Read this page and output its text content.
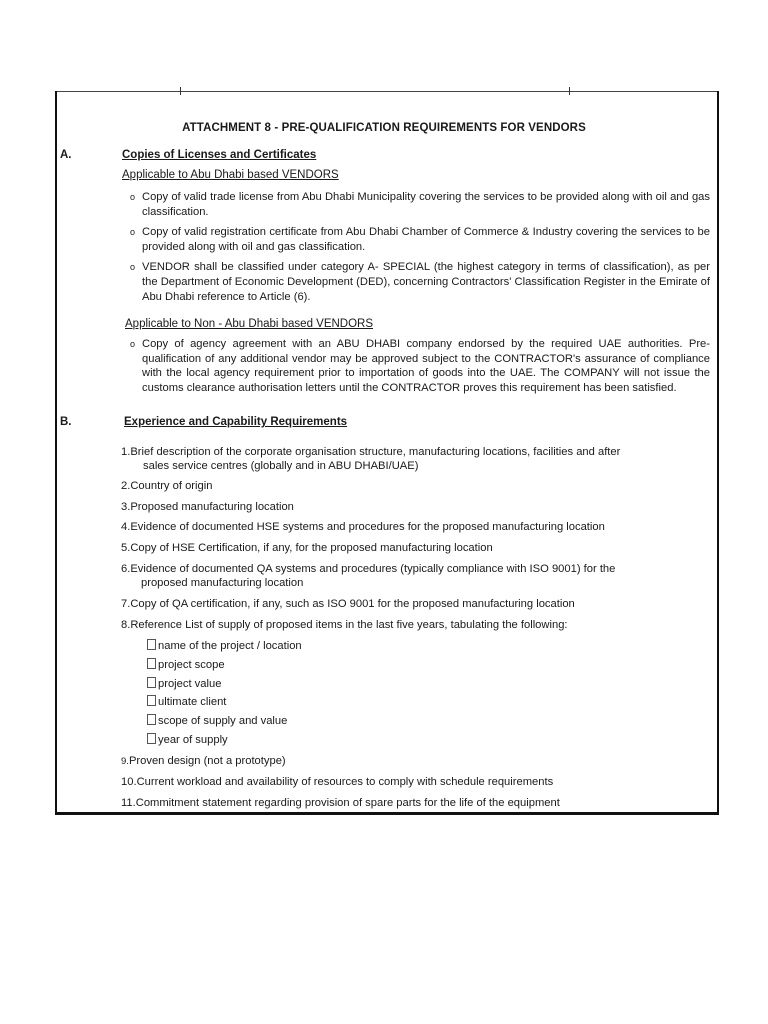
ATTACHMENT 8 - PRE-QUALIFICATION REQUIREMENTS FOR VENDORS
A.	Copies of Licenses and Certificates
Applicable to Abu Dhabi based VENDORS
o Copy of valid trade license from Abu Dhabi Municipality covering the services to be provided along with oil and gas classification.
o Copy of valid registration certificate from Abu Dhabi Chamber of Commerce & Industry covering the services to be provided along with oil and gas classification.
o VENDOR shall be classified under category A- SPECIAL (the highest category in terms of classification), as per the Department of Economic Development (DED), concerning Contractors' Classification Register in the Emirate of Abu Dhabi reference to Article (6).
Applicable to Non - Abu Dhabi based VENDORS
o Copy of agency agreement with an ABU DHABI company endorsed by the required UAE authorities. Pre-qualification of any additional vendor may be approved subject to the CONTRACTOR's assurance of compliance with the local agency requirement prior to importation of goods into the UAE. The COMPANY will not issue the customs clearance authorisation letters until the CONTRACTOR proves this requirement has been satisfied.
B.	Experience and Capability Requirements
1.Brief description of the corporate organisation structure, manufacturing locations, facilities and after
sales service centres (globally and in ABU DHABI/UAE)
2.Country of origin
3.Proposed manufacturing location
4.Evidence of documented HSE systems and procedures for the proposed manufacturing location
5.Copy of HSE Certification, if any, for the proposed manufacturing location
6.Evidence of documented QA systems and procedures (typically compliance with ISO 9001) for the
proposed manufacturing location
7.Copy of QA certification, if any, such as ISO 9001 for the proposed manufacturing location
8.Reference List of supply of proposed items in the last five years, tabulating the following:
name of the project / location
project scope
project value
ultimate client
scope of supply and value
year of supply
9.Proven design (not a prototype)
10.Current workload and availability of resources to comply with schedule requirements
11.Commitment statement regarding provision of spare parts for the life of the equipment
